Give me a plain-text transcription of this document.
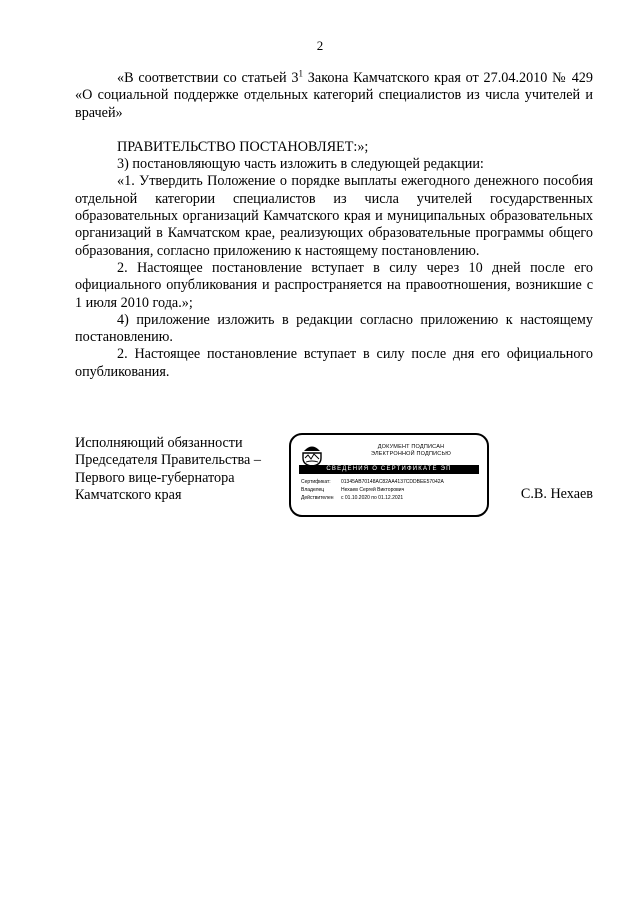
2

«В соответствии со статьей $3^1$ Закона Камчатского края от 27.04.2010 № 429 «О социальной поддержке отдельных категорий специалистов из числа учителей и врачей»

ПРАВИТЕЛЬСТВО ПОСТАНОВЛЯЕТ:»;

3) постановляющую часть изложить в следующей редакции:

«1. Утвердить Положение о порядке выплаты ежегодного денежного пособия отдельной категории специалистов из числа учителей государственных образовательных организаций Камчатского края и муниципальных образовательных организаций в Камчатском крае, реализующих образовательные программы общего образования, согласно приложению к настоящему постановлению.

2. Настоящее постановление вступает в силу через 10 дней после его официального опубликования и распространяется на правоотношения, возникшие с 1 июля 2010 года.»;

4) приложение изложить в редакции согласно приложению к настоящему постановлению.

2. Настоящее постановление вступает в силу после дня его официального опубликования.

Исполняющий обязанности
Председателя Правительства –
Первого вице-губернатора
Камчатского края
ДОКУМЕНТ ПОДПИСАН
ЭЛЕКТРОННОЙ ПОДПИСЬЮ
СВЕДЕНИЯ О СЕРТИФИКАТЕ ЭП
Сертификат: 01345AB70148AC82AA4137CDDBEE57042A
Владелец	Нехаев Сергей Викторович
Действителен с 01.10.2020 по 01.12.2021	С.В. Нехаев
